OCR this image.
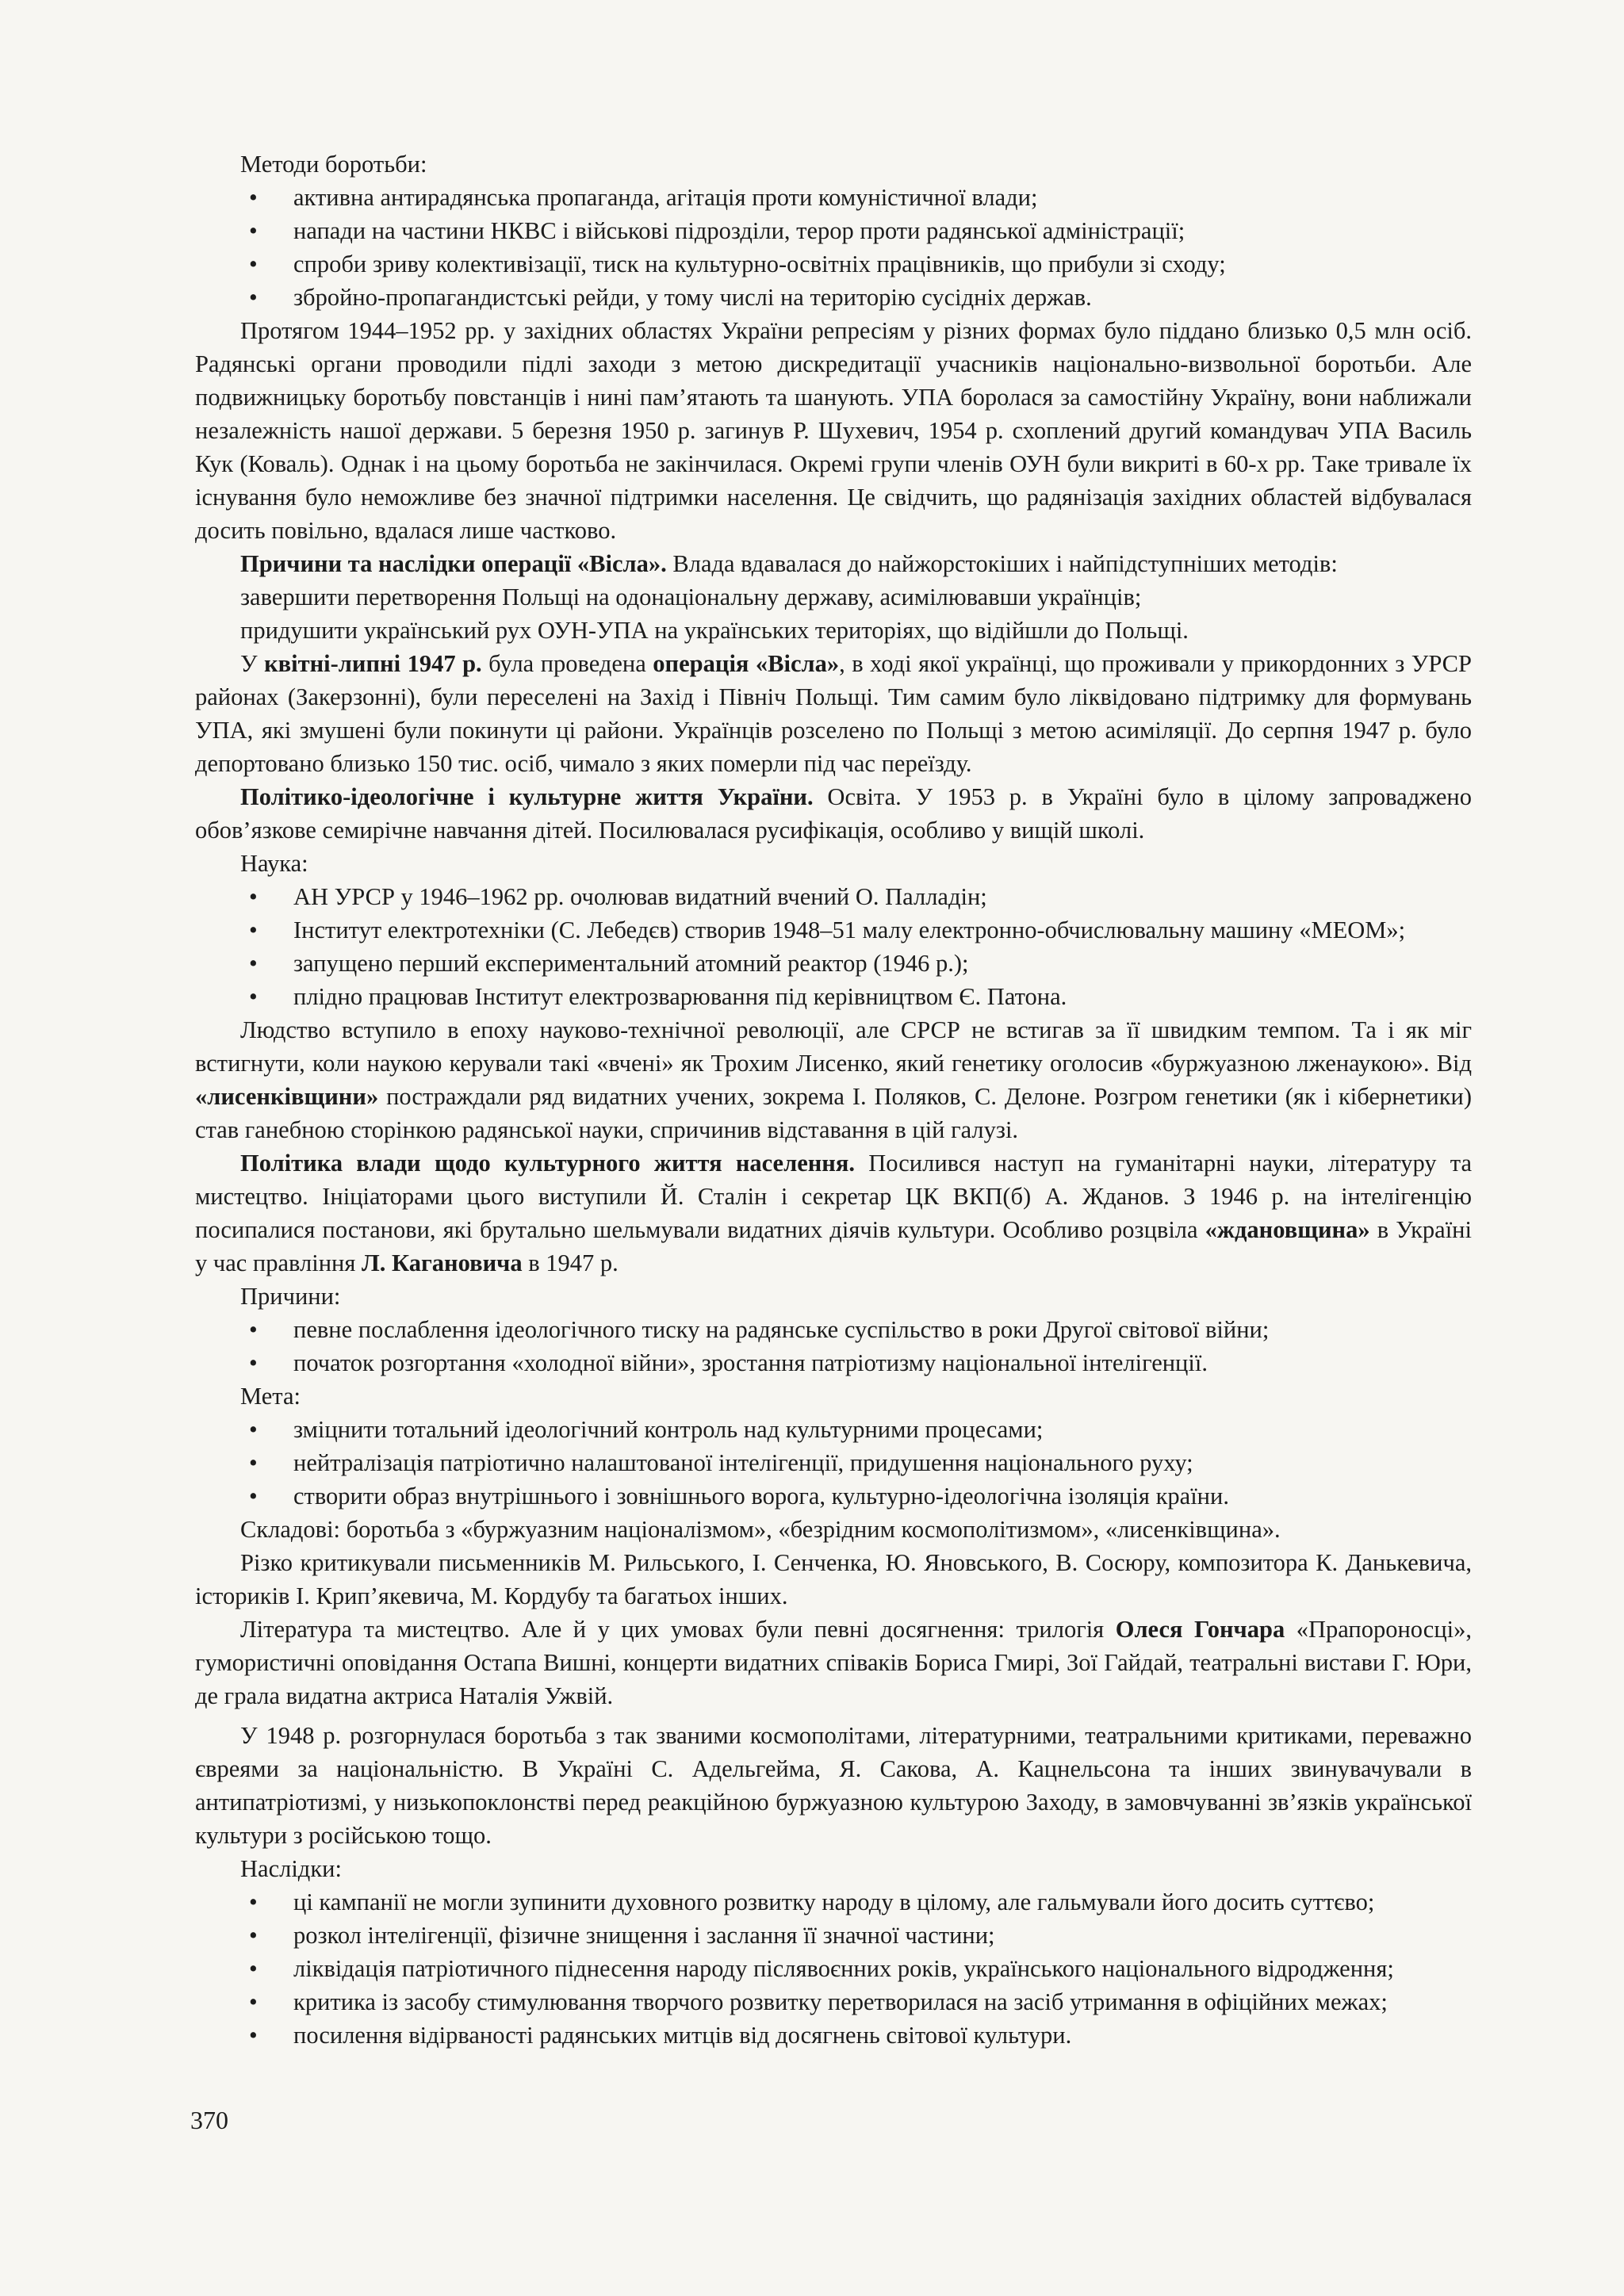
Методи боротьби:

• активна антирадянська пропаганда, агітація проти комуністичної влади;
• напади на частини НКВС і військові підрозділи, терор проти радянської адміністрації;
• спроби зриву колективізації, тиск на культурно-освітніх працівників, що прибули зі сходу;
• збройно-пропагандистські рейди, у тому числі на територію сусідніх держав.

Протягом 1944–1952 рр. у західних областях України репресіям у різних формах було піддано близько 0,5 млн осіб. Радянські органи проводили підлі заходи з метою дискредитації учасників національно-визвольної боротьби. Але подвижницьку боротьбу повстанців і нині пам’ятають та шанують. УПА боролася за самостійну Україну, вони наближали незалежність нашої держави. 5 березня 1950 р. загинув Р. Шухевич, 1954 р. схоплений другий командувач УПА Василь Кук (Коваль). Однак і на цьому боротьба не закінчилася. Окремі групи членів ОУН були викриті в 60-х рр. Таке тривале їх існування було неможливе без значної підтримки населення. Це свідчить, що радянізація західних областей відбувалася досить повільно, вдалася лише частково.

Причини та наслідки операції «Вісла». Влада вдавалася до найжорстокіших і найпідступніших методів:

завершити перетворення Польщі на одонаціональну державу, асимілювавши українців;

придушити український рух ОУН-УПА на українських територіях, що відійшли до Польщі.

У квітні-липні 1947 р. була проведена операція «Вісла», в ході якої українці, що проживали у прикордонних з УРСР районах (Закерзонні), були переселені на Захід і Північ Польщі. Тим самим було ліквідовано підтримку для формувань УПА, які змушені були покинути ці райони. Українців розселено по Польщі з метою асиміляції. До серпня 1947 р. було депортовано близько 150 тис. осіб, чимало з яких померли під час переїзду.

Політико-ідеологічне і культурне життя України. Освіта. У 1953 р. в Україні було в цілому запроваджено обов’язкове семирічне навчання дітей. Посилювалася русифікація, особливо у вищій школі.

Наука:

• АН УРСР у 1946–1962 рр. очолював видатний вчений О. Палладін;
• Інститут електротехніки (С. Лебедєв) створив 1948–51 малу електронно-обчислювальну машину «МЕОМ»;
• запущено перший експериментальний атомний реактор (1946 р.);
• плідно працював Інститут електрозварювання під керівництвом Є. Патона.

Людство вступило в епоху науково-технічної революції, але СРСР не встигав за її швидким темпом. Та і як міг встигнути, коли наукою керували такі «вчені» як Трохим Лисенко, який генетику оголосив «буржуазною лженаукою». Від «лисенківщини» постраждали ряд видатних учених, зокрема І. Поляков, С. Делоне. Розгром генетики (як і кібернетики) став ганебною сторінкою радянської науки, спричинив відставання в цій галузі.

Політика влади щодо культурного життя населення. Посилився наступ на гуманітарні науки, літературу та мистецтво. Ініціаторами цього виступили Й. Сталін і секретар ЦК ВКП(б) А. Жданов. З 1946 р. на інтелігенцію посипалися постанови, які брутально шельмували видатних діячів культури. Особливо розцвіла «ждановщина» в Україні у час правління Л. Кагановича в 1947 р.

Причини:

• певне послаблення ідеологічного тиску на радянське суспільство в роки Другої світової війни;
• початок розгортання «холодної війни», зростання патріотизму національної інтелігенції.

Мета:

• зміцнити тотальний ідеологічний контроль над культурними процесами;
• нейтралізація патріотично налаштованої інтелігенції, придушення національного руху;
• створити образ внутрішнього і зовнішнього ворога, культурно-ідеологічна ізоляція країни.

Складові: боротьба з «буржуазним націоналізмом», «безрідним космополітизмом», «лисенківщина».

Різко критикували письменників М. Рильського, І. Сенченка, Ю. Яновського, В. Сосюру, композитора К. Данькевича, істориків І. Крип’якевича, М. Кордубу та багатьох інших.

Література та мистецтво. Але й у цих умовах були певні досягнення: трилогія Олеся Гончара «Прапороносці», гумористичні оповідання Остапа Вишні, концерти видатних співаків Бориса Гмирі, Зої Гайдай, театральні вистави Г. Юри, де грала видатна актриса Наталія Ужвій.

У 1948 р. розгорнулася боротьба з так званими космополітами, літературними, театральними критиками, переважно євреями за національністю. В Україні С. Адельгейма, Я. Сакова, А. Кацнельсона та інших звинувачували в антипатріотизмі, у низькопоклонстві перед реакційною буржуазною культурою Заходу, в замовчуванні зв’язків української культури з російською тощо.

Наслідки:

• ці кампанії не могли зупинити духовного розвитку народу в цілому, але гальмували його досить суттєво;
• розкол інтелігенції, фізичне знищення і заслання її значної частини;
• ліквідація патріотичного піднесення народу післявоєнних років, українського національного відродження;
• критика із засобу стимулювання творчого розвитку перетворилася на засіб утримання в офіційних межах;
• посилення відірваності радянських митців від досягнень світової культури.
370
